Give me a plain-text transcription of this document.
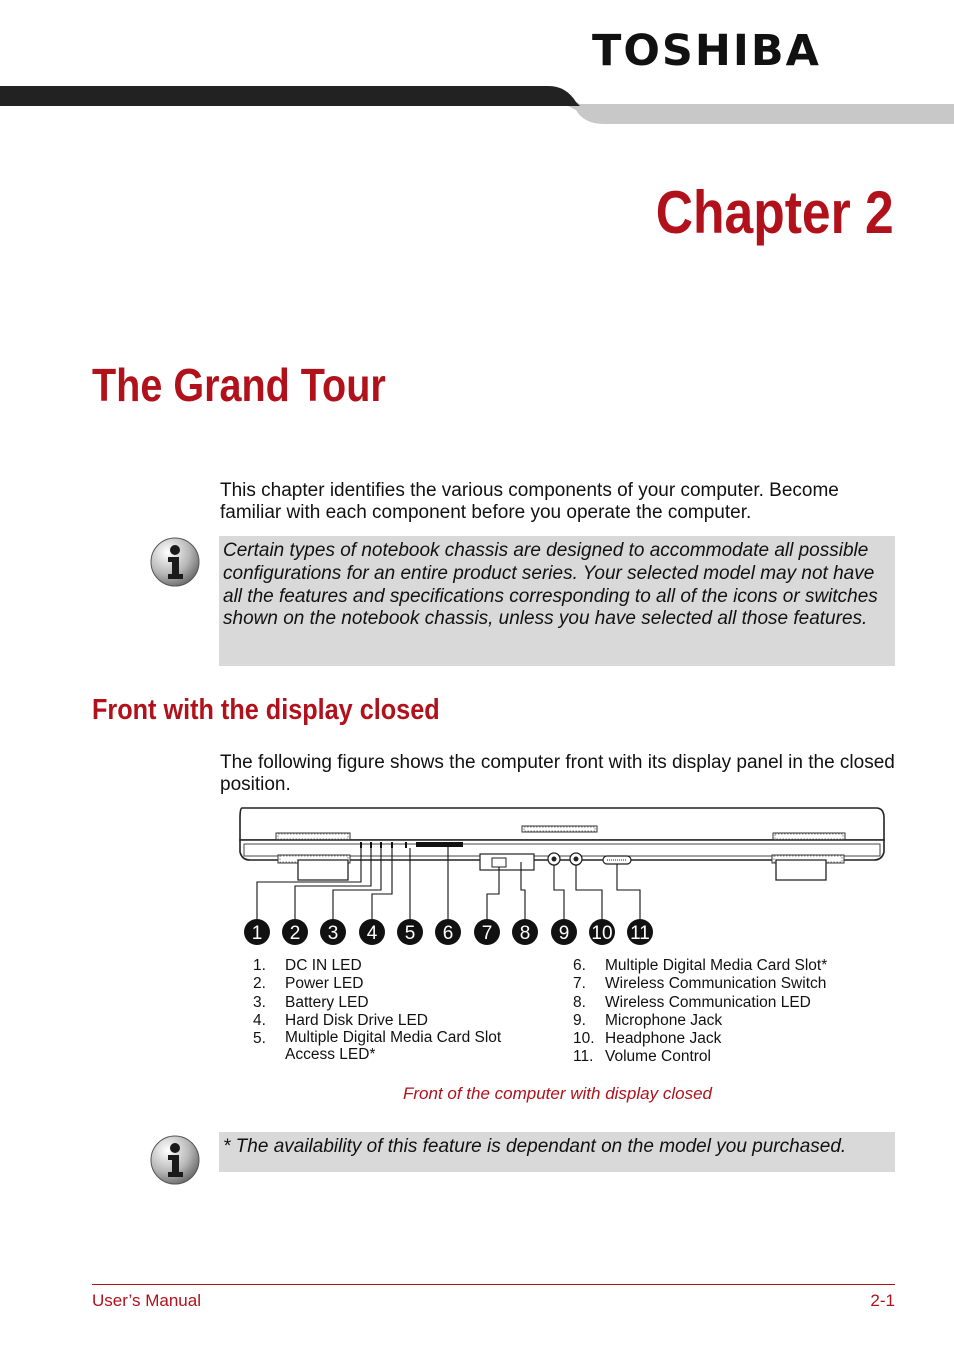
TOSHIBA
Chapter 2
The Grand Tour
This chapter identifies the various components of your computer. Become familiar with each component before you operate the computer.
Certain types of notebook chassis are designed to accommodate all possible configurations for an entire product series. Your selected model may not have all the features and specifications corresponding to all of the icons or switches shown on the notebook chassis, unless you have selected all those features.
Front with the display closed
The following figure shows the computer front with its display panel in the closed position.
1 2 3 4 5 6 7 8 9 10 11
1.	DC IN LED
2.	Power LED
3.	Battery LED
4.	Hard Disk Drive LED
5.	Multiple Digital Media Card Slot Access LED*
6.	Multiple Digital Media Card Slot*
7.	Wireless Communication Switch
8.	Wireless Communication LED
9.	Microphone Jack
10. Headphone Jack
11. Volume Control
Front of the computer with display closed
* The availability of this feature is dependant on the model you purchased.
User’s Manual	2-1
